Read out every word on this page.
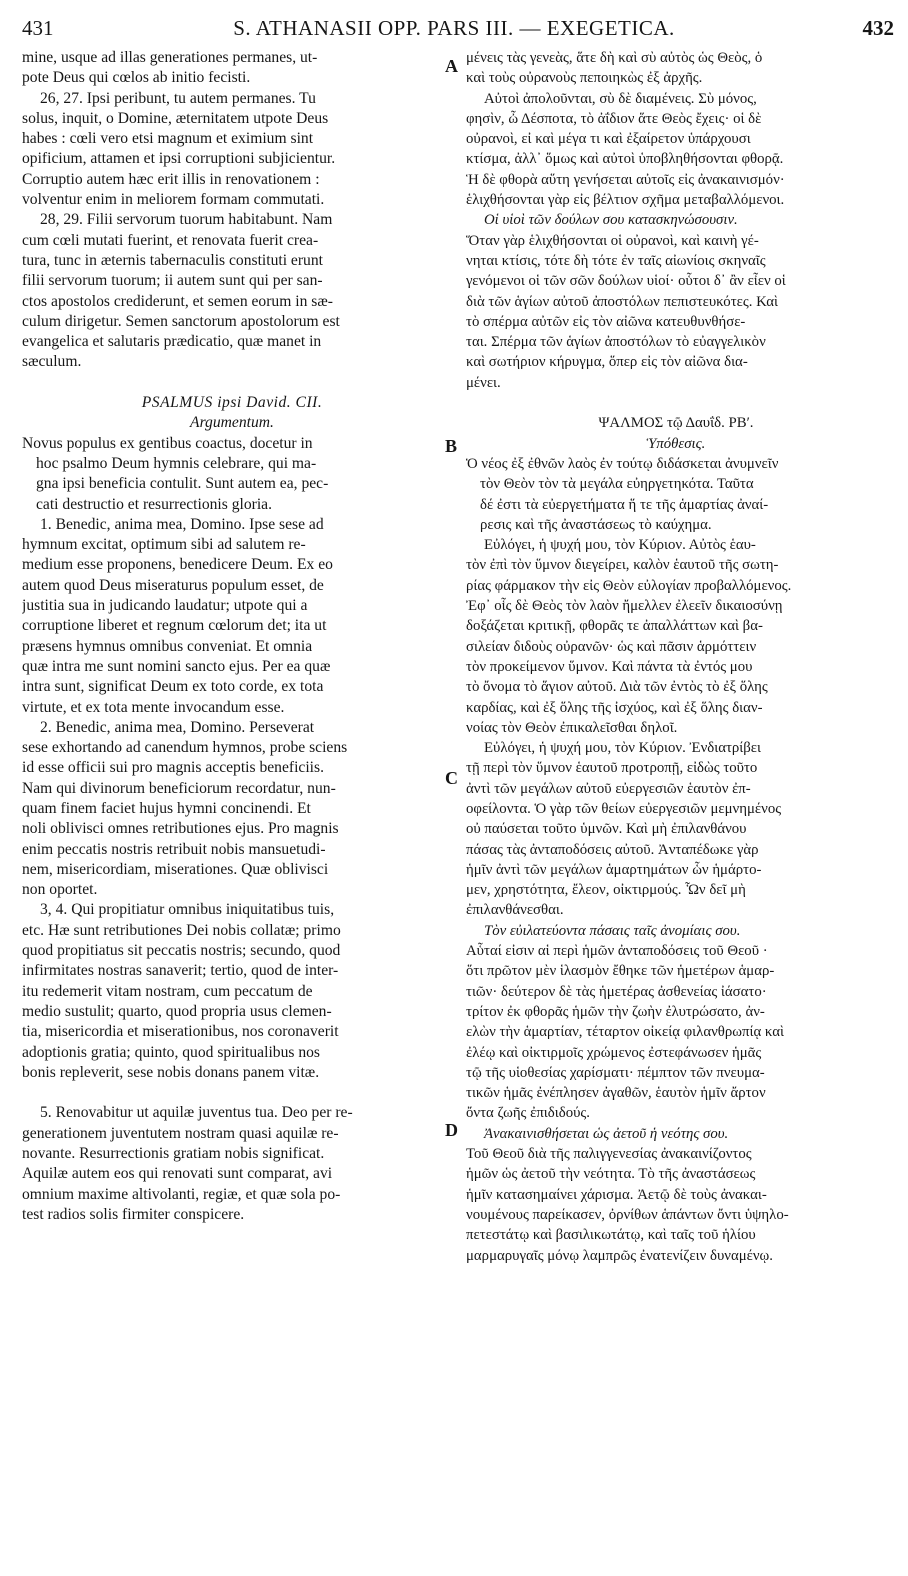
431	S. ATHANASII OPP. PARS III. — EXEGETICA.	432
A
B
C
D
mine, usque ad illas generationes permanes, ut-
pote Deus qui cœlos ab initio fecisti.
26, 27. Ipsi peribunt, tu autem permanes. Tu
solus, inquit, o Domine, æternitatem utpote Deus
habes : cœli vero etsi magnum et eximium sint
opificium, attamen et ipsi corruptioni subjicientur.
Corruptio autem hæc erit illis in renovationem :
volventur enim in meliorem formam commutati.
28, 29. Filii servorum tuorum habitabunt. Nam
cum cœli mutati fuerint, et renovata fuerit crea-
tura, tunc in æternis tabernaculis constituti erunt
filii servorum tuorum; ii autem sunt qui per san-
ctos apostolos crediderunt, et semen eorum in sæ-
culum dirigetur. Semen sanctorum apostolorum est
evangelica et salutaris prædicatio, quæ manet in
sæculum.
PSALMUS ipsi David. CII.
Argumentum.
Novus populus ex gentibus coactus, docetur in
hoc psalmo Deum hymnis celebrare, qui ma-
gna ipsi beneficia contulit. Sunt autem ea, pec-
cati destructio et resurrectionis gloria.
1. Benedic, anima mea, Domino. Ipse sese ad
hymnum excitat, optimum sibi ad salutem re-
medium esse proponens, benedicere Deum. Ex eo
autem quod Deus miseraturus populum esset, de
justitia sua in judicando laudatur; utpote qui a
corruptione liberet et regnum cœlorum det; ita ut
præsens hymnus omnibus conveniat. Et omnia
quæ intra me sunt nomini sancto ejus. Per ea quæ
intra sunt, significat Deum ex toto corde, ex tota
virtute, et ex tota mente invocandum esse.
2. Benedic, anima mea, Domino. Perseverat
sese exhortando ad canendum hymnos, probe sciens
id esse officii sui pro magnis acceptis beneficiis.
Nam qui divinorum beneficiorum recordatur, nun-
quam finem faciet hujus hymni concinendi. Et
noli oblivisci omnes retributiones ejus. Pro magnis
enim peccatis nostris retribuit nobis mansuetudi-
nem, misericordiam, miserationes. Quæ oblivisci
non oportet.
3, 4. Qui propitiatur omnibus iniquitatibus tuis,
etc. Hæ sunt retributiones Dei nobis collatæ; primo
quod propitiatus sit peccatis nostris; secundo, quod
infirmitates nostras sanaverit; tertio, quod de inter-
itu redemerit vitam nostram, cum peccatum de
medio sustulit; quarto, quod propria usus clemen-
tia, misericordia et miserationibus, nos coronaverit
adoptionis gratia; quinto, quod spiritualibus nos
bonis repleverit, sese nobis donans panem vitæ.
5. Renovabitur ut aquilæ juventus tua. Deo per re-
generationem juventutem nostram quasi aquilæ re-
novante. Resurrectionis gratiam nobis significat.
Aquilæ autem eos qui renovati sunt comparat, avi
omnium maxime altivolanti, regiæ, et quæ sola po-
test radios solis firmiter conspicere.
μένεις τὰς γενεὰς, ἅτε δὴ καὶ σὺ αὐτὸς ὡς Θεὸς, ὁ
καὶ τοὺς οὐρανοὺς πεποιηκὼς ἐξ ἀρχῆς.
Αὐτοὶ ἀπολοῦνται, σὺ δὲ διαμένεις. Σὺ μόνος,
φησὶν, ὦ Δέσποτα, τὸ ἀΐδιον ἅτε Θεὸς ἔχεις· οἱ δὲ
οὐρανοὶ, εἰ καὶ μέγα τι καὶ ἐξαίρετον ὑπάρχουσι
κτίσμα, ἀλλ᾽ ὅμως καὶ αὐτοὶ ὑποβληθήσονται φθορᾷ.
Ἡ δὲ φθορὰ αὕτη γενήσεται αὐτοῖς εἰς ἀνακαινισμόν·
ἑλιχθήσονται γὰρ εἰς βέλτιον σχῆμα μεταβαλλόμενοι.
Οἱ υἱοὶ τῶν δούλων σου κατασκηνώσουσιν.
Ὅταν γὰρ ἑλιχθήσονται οἱ οὐρανοὶ, καὶ καινὴ γέ-
νηται κτίσις, τότε δὴ τότε ἐν ταῖς αἰωνίοις σκηναῖς
γενόμενοι οἱ τῶν σῶν δούλων υἱοί· οὗτοι δ᾽ ἂν εἶεν οἱ
διὰ τῶν ἁγίων αὐτοῦ ἀποστόλων πεπιστευκότες. Καὶ
τὸ σπέρμα αὐτῶν εἰς τὸν αἰῶνα κατευθυνθήσε-
ται. Σπέρμα τῶν ἁγίων ἀποστόλων τὸ εὐαγγελικὸν
καὶ σωτήριον κήρυγμα, ὅπερ εἰς τὸν αἰῶνα δια-
μένει.
ΨΑΛΜΟΣ τῷ Δαυΐδ. ΡΒʹ.
Ὑπόθεσις.
Ὁ νέος ἐξ ἐθνῶν λαὸς ἐν τούτῳ διδάσκεται ἀνυμνεῖν
τὸν Θεὸν τὸν τὰ μεγάλα εὐηργετηκότα. Ταῦτα
δέ ἐστι τὰ εὐεργετήματα ἥ τε τῆς ἁμαρτίας ἀναί-
ρεσις καὶ τῆς ἀναστάσεως τὸ καύχημα.
Εὐλόγει, ἡ ψυχή μου, τὸν Κύριον. Αὐτὸς ἑαυ-
τὸν ἐπὶ τὸν ὕμνον διεγείρει, καλὸν ἑαυτοῦ τῆς σωτη-
ρίας φάρμακον τὴν εἰς Θεὸν εὐλογίαν προβαλλόμενος.
Ἐφ᾽ οἷς δὲ Θεὸς τὸν λαὸν ἤμελλεν ἐλεεῖν δικαιοσύνῃ
δοξάζεται κριτικῇ, φθορᾶς τε ἀπαλλάττων καὶ βα-
σιλείαν διδοὺς οὐρανῶν· ὡς καὶ πᾶσιν ἁρμόττειν
τὸν προκείμενον ὕμνον. Καὶ πάντα τὰ ἐντός μου
τὸ ὄνομα τὸ ἅγιον αὐτοῦ. Διὰ τῶν ἐντὸς τὸ ἐξ ὅλης
καρδίας, καὶ ἐξ ὅλης τῆς ἰσχύος, καὶ ἐξ ὅλης διαν-
νοίας τὸν Θεὸν ἐπικαλεῖσθαι δηλοῖ.
Εὐλόγει, ἡ ψυχή μου, τὸν Κύριον. Ἐνδιατρίβει
τῇ περὶ τὸν ὕμνον ἑαυτοῦ προτροπῇ, εἰδὼς τοῦτο
ἀντὶ τῶν μεγάλων αὐτοῦ εὐεργεσιῶν ἑαυτὸν ἐπ-
οφείλοντα. Ὁ γὰρ τῶν θείων εὐεργεσιῶν μεμνημένος
οὐ παύσεται τοῦτο ὑμνῶν. Καὶ μὴ ἐπιλανθάνου
πάσας τὰς ἀνταποδόσεις αὐτοῦ. Ἀνταπέδωκε γὰρ
ἡμῖν ἀντὶ τῶν μεγάλων ἁμαρτημάτων ὧν ἡμάρτο-
μεν, χρηστότητα, ἔλεον, οἰκτιρμούς. Ὧν δεῖ μὴ
ἐπιλανθάνεσθαι.
Τὸν εὐιλατεύοντα πάσαις ταῖς ἀνομίαις σου.
Αὗταί εἰσιν αἱ περὶ ἡμῶν ἀνταποδόσεις τοῦ Θεοῦ ·
ὅτι πρῶτον μὲν ἱλασμὸν ἔθηκε τῶν ἡμετέρων ἁμαρ-
τιῶν· δεύτερον δὲ τὰς ἡμετέρας ἀσθενείας ἰάσατο·
τρίτον ἐκ φθορᾶς ἡμῶν τὴν ζωὴν ἐλυτρώσατο, ἀν-
ελὼν τὴν ἁμαρτίαν, τέταρτον οἰκείᾳ φιλανθρωπίᾳ καὶ
ἐλέῳ καὶ οἰκτιρμοῖς χρώμενος ἐστεφάνωσεν ἡμᾶς
τῷ τῆς υἱοθεσίας χαρίσματι· πέμπτον τῶν πνευμα-
τικῶν ἡμᾶς ἐνέπλησεν ἀγαθῶν, ἑαυτὸν ἡμῖν ἄρτον
ὄντα ζωῆς ἐπιδιδούς.
Ἀνακαινισθήσεται ὡς ἀετοῦ ἡ νεότης σου.
Τοῦ Θεοῦ διὰ τῆς παλιγγενεσίας ἀνακαινίζοντος
ἡμῶν ὡς ἀετοῦ τὴν νεότητα. Τὸ τῆς ἀναστάσεως
ἡμῖν κατασημαίνει χάρισμα. Ἀετῷ δὲ τοὺς ἀνακαι-
νουμένους παρείκασεν, ὀρνίθων ἁπάντων ὄντι ὑψηλο-
πετεστάτῳ καὶ βασιλικωτάτῳ, καὶ ταῖς τοῦ ἡλίου
μαρμαρυγαῖς μόνῳ λαμπρῶς ἐνατενίζειν δυναμένῳ.
